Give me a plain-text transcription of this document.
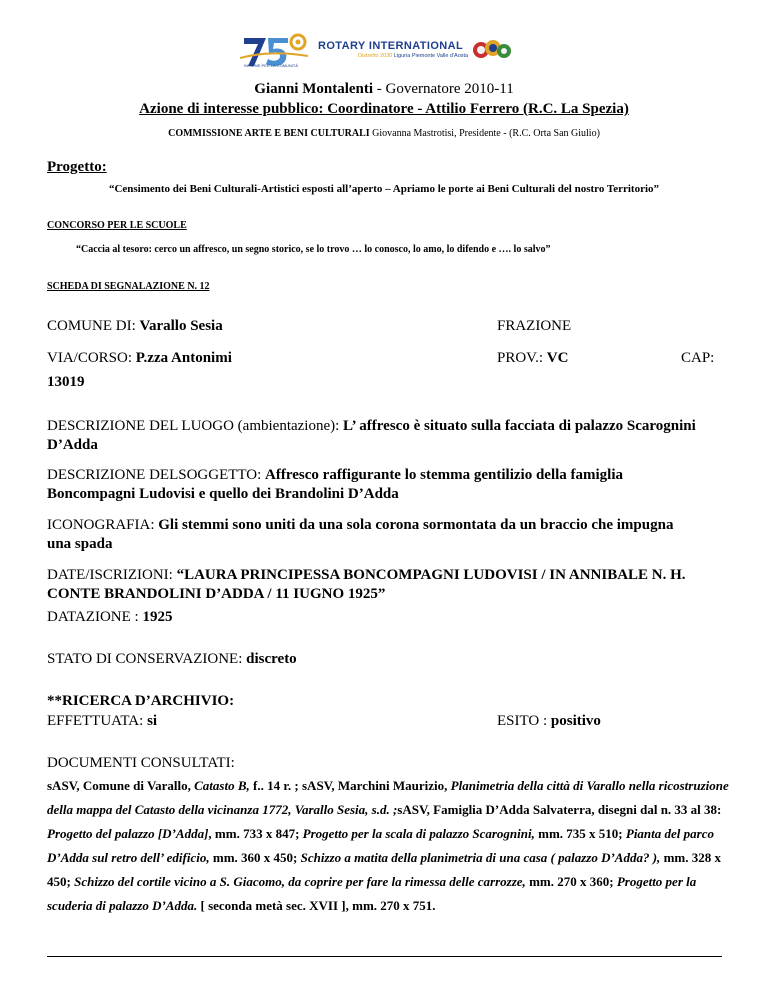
INSIEME PER LA COMUNITÀ
ROTARY INTERNATIONAL
Distretto 2030 Liguria Piemonte Valle d'Aosta
Gianni Montalenti - Governatore 2010-11
Azione di interesse pubblico: Coordinatore - Attilio Ferrero (R.C. La Spezia)
COMMISSIONE ARTE E BENI CULTURALI Giovanna Mastrotisi, Presidente - (R.C. Orta San Giulio)
Progetto:
“Censimento dei Beni Culturali-Artistici esposti all’aperto – Apriamo le porte ai Beni Culturali del nostro Territorio”
CONCORSO PER LE SCUOLE
“Caccia al tesoro: cerco un affresco, un segno storico, se lo trovo … lo conosco, lo amo, lo difendo e …. lo salvo”
SCHEDA DI SEGNALAZIONE N. 12
COMUNE DI: Varallo Sesia	FRAZIONE
VIA/CORSO: P.zza Antonimi	PROV.: VC	CAP:
13019
DESCRIZIONE DEL LUOGO (ambientazione): L’ affresco è situato sulla facciata di palazzo Scarognini
D’Adda
DESCRIZIONE DELSOGGETTO: Affresco raffigurante lo stemma gentilizio della famiglia
Boncompagni Ludovisi e quello dei Brandolini D’Adda
ICONOGRAFIA: Gli stemmi sono uniti da una sola corona sormontata da un braccio che impugna
una spada
DATE/ISCRIZIONI: “LAURA PRINCIPESSA BONCOMPAGNI LUDOVISI / IN ANNIBALE N. H.
CONTE BRANDOLINI D’ADDA / 11 IUGNO 1925”
DATAZIONE : 1925
STATO DI CONSERVAZIONE: discreto
**RICERCA D’ARCHIVIO:
EFFETTUATA: si	ESITO : positivo
DOCUMENTI CONSULTATI:
sASV, Comune di Varallo, Catasto B, f.. 14 r. ; sASV, Marchini Maurizio, Planimetria della città di Varallo nella ricostruzione della mappa del Catasto della vicinanza 1772, Varallo Sesia, s.d. ;sASV, Famiglia D’Adda Salvaterra, disegni dal n. 33 al 38: Progetto del palazzo [D’Adda], mm. 733 x 847; Progetto per la scala di palazzo Scarognini, mm. 735 x 510; Pianta del parco D’Adda sul retro dell’ edificio, mm. 360 x 450; Schizzo a matita della planimetria di una casa ( palazzo D’Adda? ), mm. 328 x 450; Schizzo del cortile vicino a S. Giacomo, da coprire per fare la rimessa delle carrozze, mm. 270 x 360; Progetto per la scuderia di palazzo D’Adda. [ seconda metà sec. XVII ], mm. 270 x 751.
